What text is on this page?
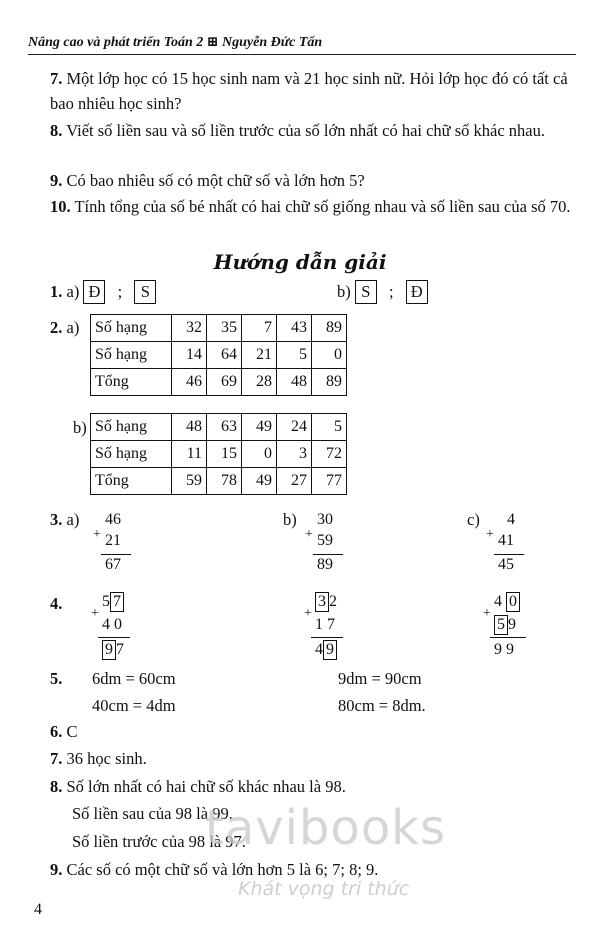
Nâng cao và phát triển Toán 2 ⊞ Nguyễn Đức Tấn
7. Một lớp học có 15 học sinh nam và 21 học sinh nữ. Hỏi lớp học đó có tất cả bao nhiêu học sinh?
8. Viết số liền sau và số liền trước của số lớn nhất có hai chữ số khác nhau.
9. Có bao nhiêu số có một chữ số và lớn hơn 5?
10. Tính tổng của số bé nhất có hai chữ số giống nhau và số liền sau của số 70.
Hướng dẫn giải
1. a) Đ ; S	b) S ; Đ
2. a) Số hạng	32	35	7	43	89
Số hạng	14	64	21	5	0
Tổng	46	69	28	48	89
b) Số hạng	48	63	49	24	5
Số hạng	11	15	0	3	72
Tổng	59	78	49	27	77
3. a)	46
+ 21
67
b)	30
+ 59
89
c)	4
+ 41
45
4.	5 7
+
4 0
9 7
3 2
+
1 7
4 9
4 0
+
5 9
9 9
5. 6dm = 60cm	9dm = 90cm
40cm = 4dm	80cm = 8dm.
6. C
7. 36 học sinh.
8. Số lớn nhất có hai chữ số khác nhau là 98.
Số liền sau của 98 là 99.
Số liền trước của 98 là 97.
9. Các số có một chữ số và lớn hơn 5 là 6; 7; 8; 9.
tavibooks
Khát vọng tri thức
4
